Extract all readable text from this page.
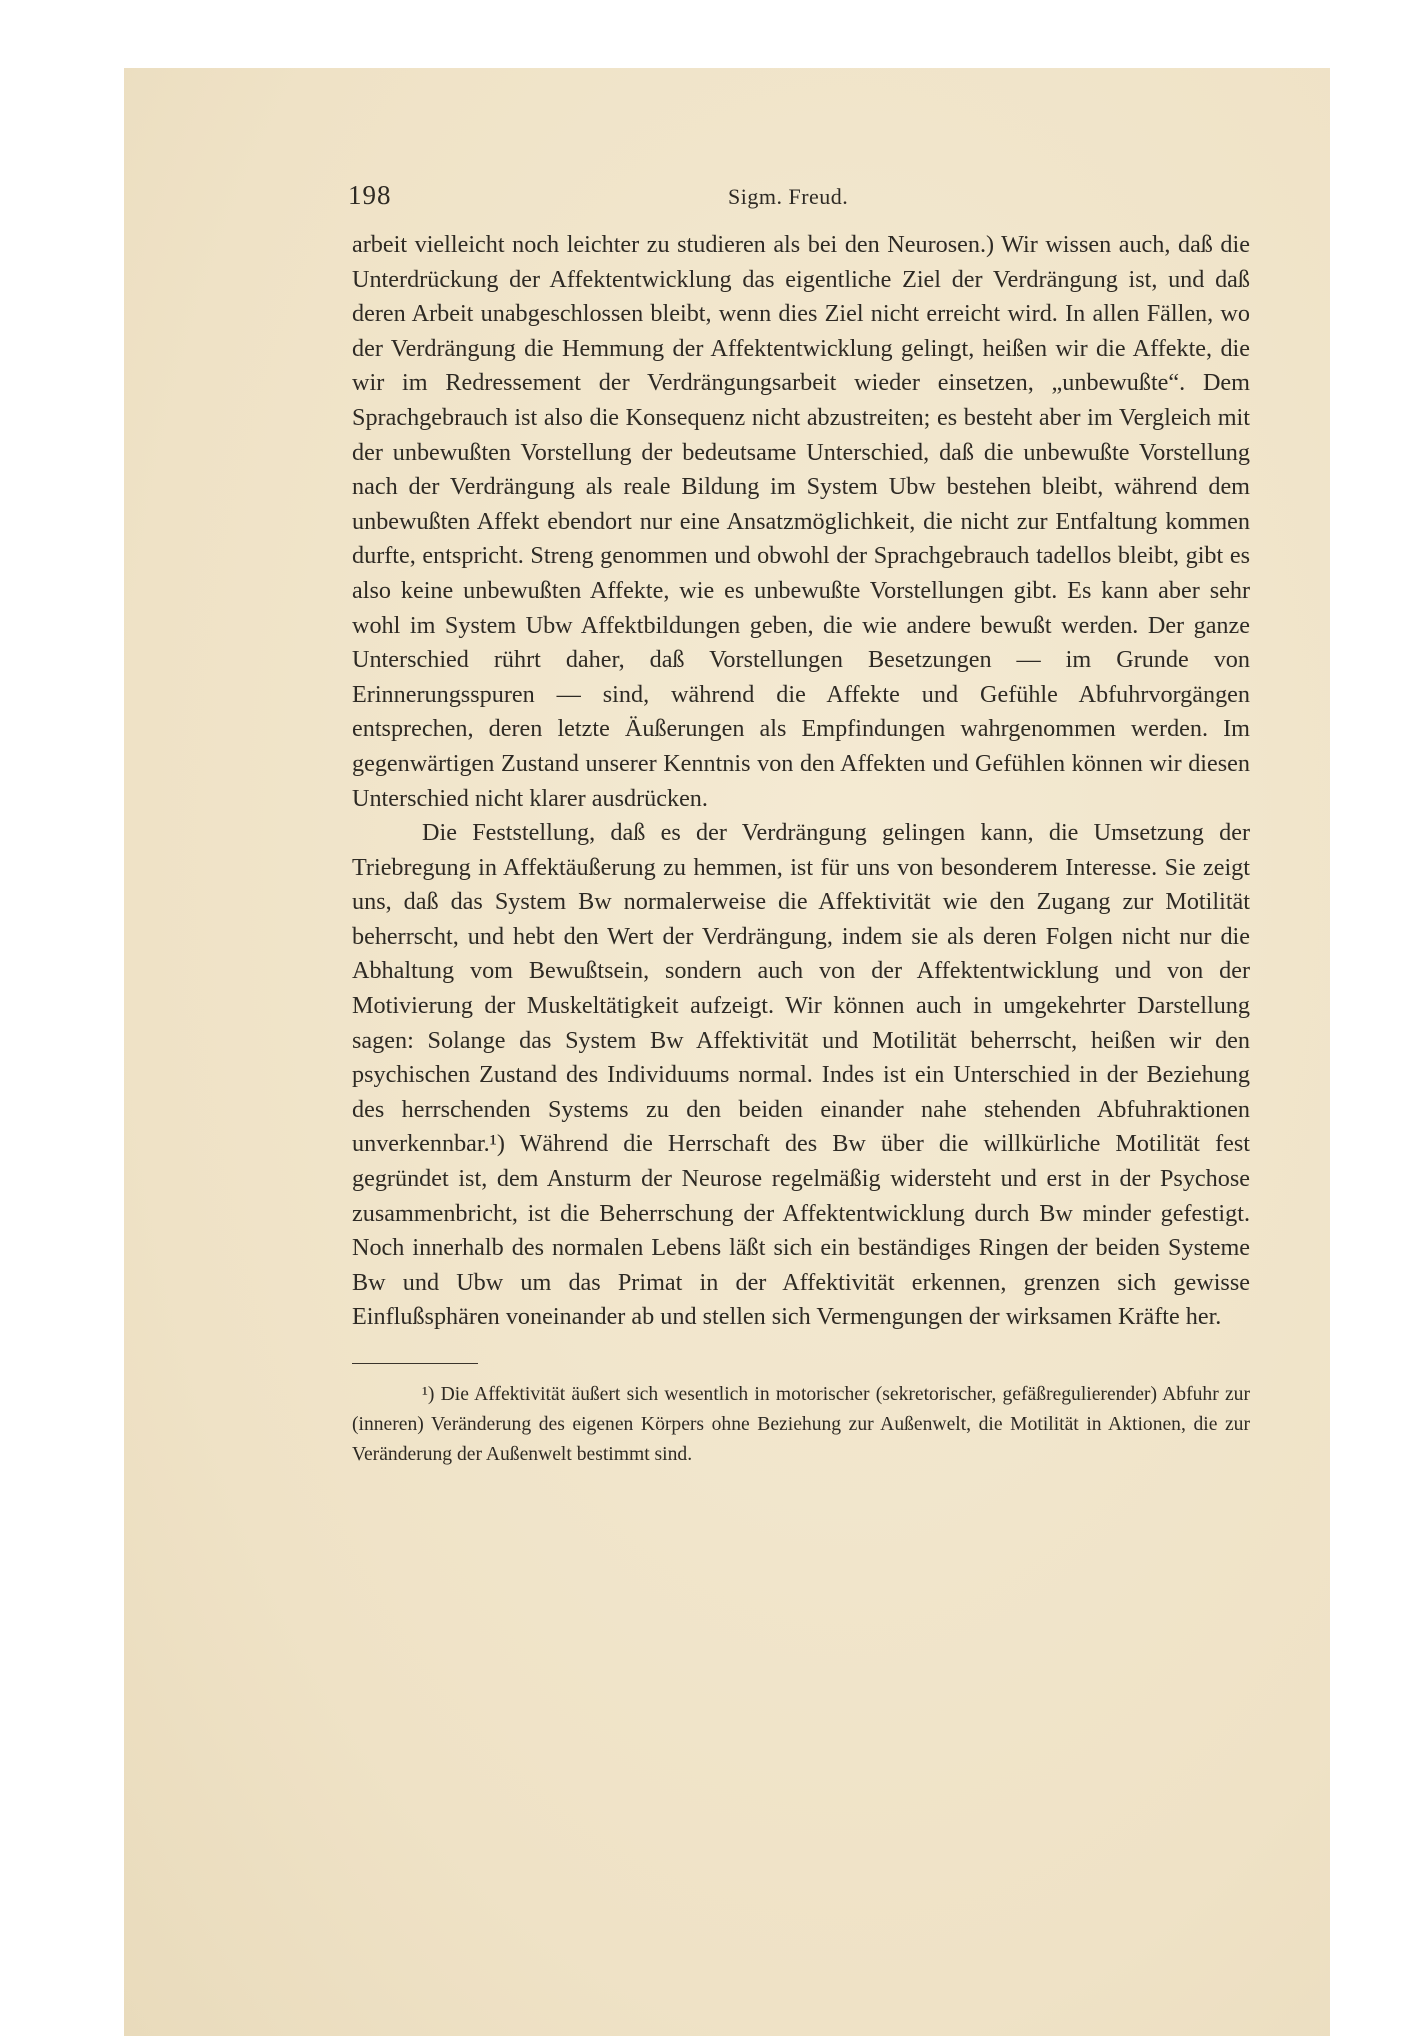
198	Sigm. Freud.

arbeit vielleicht noch leichter zu studieren als bei den Neurosen.) Wir wissen auch, daß die Unterdrückung der Affektentwicklung das eigentliche Ziel der Verdrängung ist, und daß deren Arbeit unabgeschlossen bleibt, wenn dies Ziel nicht erreicht wird. In allen Fällen, wo der Verdrängung die Hemmung der Affektentwicklung gelingt, heißen wir die Affekte, die wir im Redressement der Verdrängungsarbeit wieder einsetzen, „unbewußte“. Dem Sprachgebrauch ist also die Konsequenz nicht abzustreiten; es besteht aber im Vergleich mit der unbewußten Vorstellung der bedeutsame Unterschied, daß die unbewußte Vorstellung nach der Verdrängung als reale Bildung im System Ubw bestehen bleibt, während dem unbewußten Affekt ebendort nur eine Ansatzmöglichkeit, die nicht zur Entfaltung kommen durfte, entspricht. Streng genommen und obwohl der Sprachgebrauch tadellos bleibt, gibt es also keine unbewußten Affekte, wie es unbewußte Vorstellungen gibt. Es kann aber sehr wohl im System Ubw Affektbildungen geben, die wie andere bewußt werden. Der ganze Unterschied rührt daher, daß Vorstellungen Besetzungen — im Grunde von Erinnerungsspuren — sind, während die Affekte und Gefühle Abfuhrvorgängen entsprechen, deren letzte Äußerungen als Empfindungen wahrgenommen werden. Im gegenwärtigen Zustand unserer Kenntnis von den Affekten und Gefühlen können wir diesen Unterschied nicht klarer ausdrücken.

Die Feststellung, daß es der Verdrängung gelingen kann, die Umsetzung der Triebregung in Affektäußerung zu hemmen, ist für uns von besonderem Interesse. Sie zeigt uns, daß das System Bw normalerweise die Affektivität wie den Zugang zur Motilität beherrscht, und hebt den Wert der Verdrängung, indem sie als deren Folgen nicht nur die Abhaltung vom Bewußtsein, sondern auch von der Affektentwicklung und von der Motivierung der Muskeltätigkeit aufzeigt. Wir können auch in umgekehrter Darstellung sagen: Solange das System Bw Affektivität und Motilität beherrscht, heißen wir den psychischen Zustand des Individuums normal. Indes ist ein Unterschied in der Beziehung des herrschenden Systems zu den beiden einander nahe stehenden Abfuhraktionen unverkennbar.¹) Während die Herrschaft des Bw über die willkürliche Motilität fest gegründet ist, dem Ansturm der Neurose regelmäßig widersteht und erst in der Psychose zusammenbricht, ist die Beherrschung der Affektentwicklung durch Bw minder gefestigt. Noch innerhalb des normalen Lebens läßt sich ein beständiges Ringen der beiden Systeme Bw und Ubw um das Primat in der Affektivität erkennen, grenzen sich gewisse Einflußsphären voneinander ab und stellen sich Vermengungen der wirksamen Kräfte her.

¹) Die Affektivität äußert sich wesentlich in motorischer (sekretorischer, gefäßregulierender) Abfuhr zur (inneren) Veränderung des eigenen Körpers ohne Beziehung zur Außenwelt, die Motilität in Aktionen, die zur Veränderung der Außenwelt bestimmt sind.
